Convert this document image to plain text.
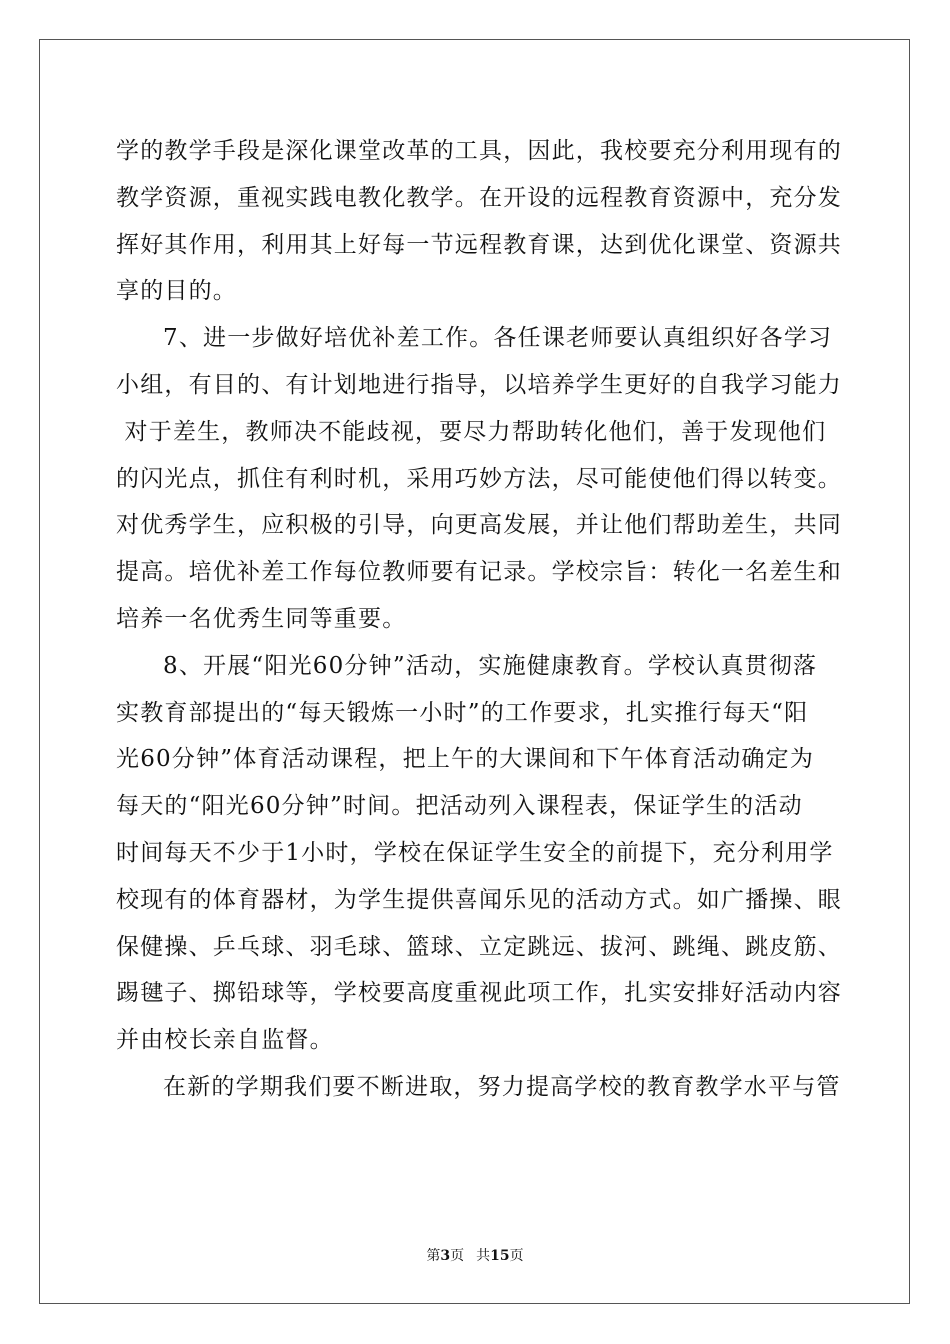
学的教学手段是深化课堂改革的工具，因此，我校要充分利用现有的
教学资源，重视实践电教化教学。在开设的远程教育资源中，充分发
挥好其作用，利用其上好每一节远程教育课，达到优化课堂、资源共
享的目的。
7、进一步做好培优补差工作。各任课老师要认真组织好各学习
小组，有目的、有计划地进行指导，以培养学生更好的自我学习能力
对于差生，教师决不能歧视，要尽力帮助转化他们，善于发现他们
的闪光点，抓住有利时机，采用巧妙方法，尽可能使他们得以转变。
对优秀学生，应积极的引导，向更高发展，并让他们帮助差生，共同
提高。培优补差工作每位教师要有记录。学校宗旨：转化一名差生和
培养一名优秀生同等重要。
8、开展“阳光60分钟”活动，实施健康教育。学校认真贯彻落
实教育部提出的“每天锻炼一小时”的工作要求，扎实推行每天“阳
光60分钟”体育活动课程，把上午的大课间和下午体育活动确定为
每天的“阳光60分钟”时间。把活动列入课程表，保证学生的活动
时间每天不少于1小时，学校在保证学生安全的前提下，充分利用学
校现有的体育器材，为学生提供喜闻乐见的活动方式。如广播操、眼
保健操、乒乓球、羽毛球、篮球、立定跳远、拔河、跳绳、跳皮筋、
踢毽子、掷铅球等，学校要高度重视此项工作，扎实安排好活动内容
并由校长亲自监督。
在新的学期我们要不断进取，努力提高学校的教育教学水平与管
第3页 共15页
